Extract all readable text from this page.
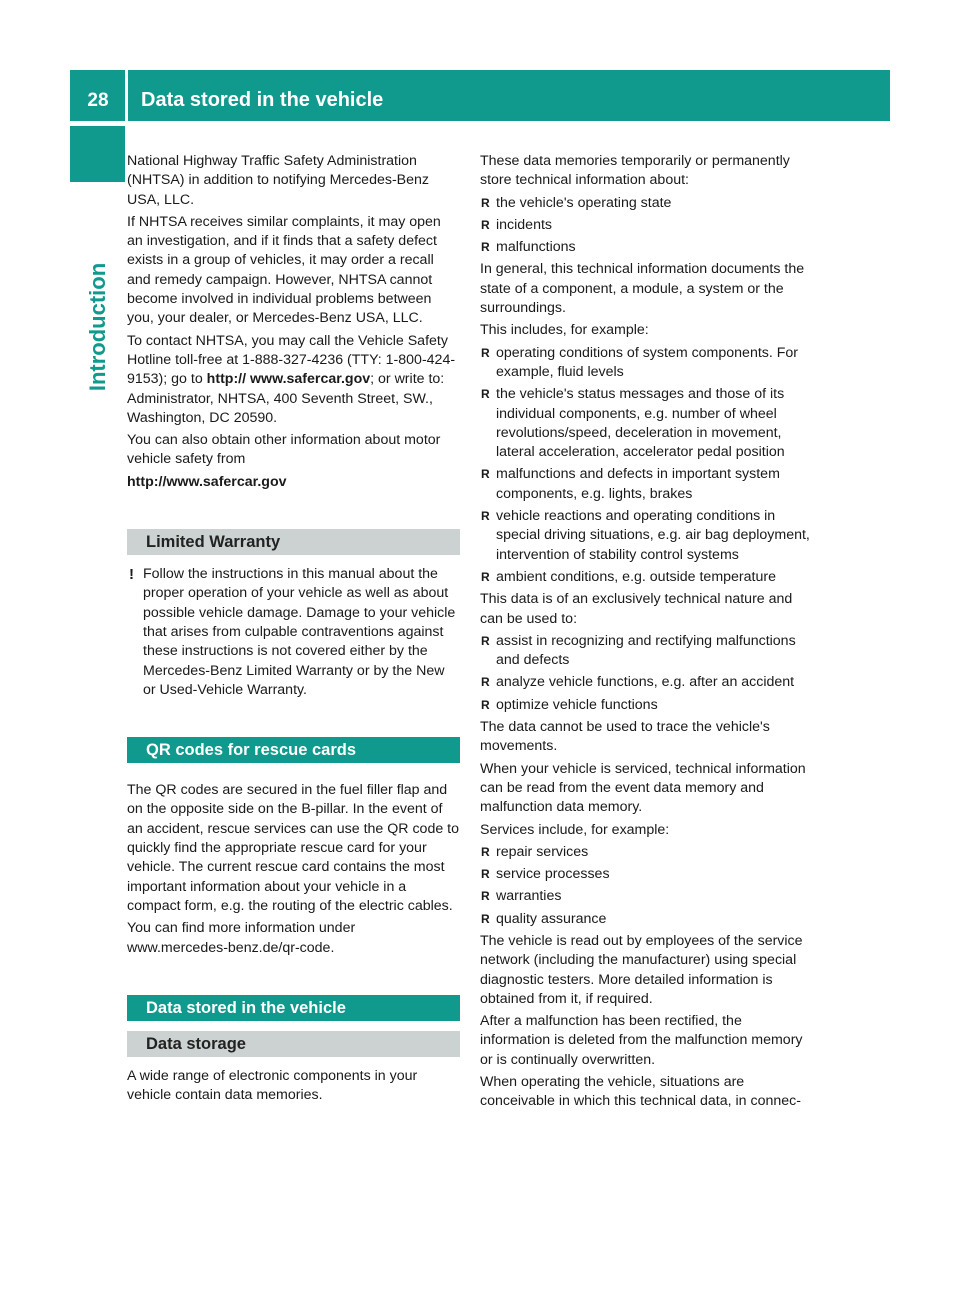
28	Data stored in the vehicle
Introduction

National Highway Traffic Safety Administration (NHTSA) in addition to notifying Mercedes-Benz USA, LLC.

If NHTSA receives similar complaints, it may open an investigation, and if it finds that a safety defect exists in a group of vehicles, it may order a recall and remedy campaign. However, NHTSA cannot become involved in individual problems between you, your dealer, or Mercedes-Benz USA, LLC.

To contact NHTSA, you may call the Vehicle Safety Hotline toll-free at 1-888-327-4236 (TTY: 1-800-424-9153); go to http:// www.safercar.gov; or write to: Administrator, NHTSA, 400 Seventh Street, SW., Washington, DC 20590.

You can also obtain other information about motor vehicle safety from

http://www.safercar.gov

Limited Warranty
! Follow the instructions in this manual about the proper operation of your vehicle as well as about possible vehicle damage. Damage to your vehicle that arises from culpable contraventions against these instructions is not covered either by the Mercedes-Benz Limited Warranty or by the New or Used-Vehicle Warranty.
QR codes for rescue cards

The QR codes are secured in the fuel filler flap and on the opposite side on the B-pillar. In the event of an accident, rescue services can use the QR code to quickly find the appropriate rescue card for your vehicle. The current rescue card contains the most important information about your vehicle in a compact form, e.g. the routing of the electric cables.

You can find more information under www.mercedes-benz.de/qr-code.

Data stored in the vehicle
Data storage

A wide range of electronic components in your vehicle contain data memories.

These data memories temporarily or permanently store technical information about:

R the vehicle's operating state
R incidents
R malfunctions

In general, this technical information documents the state of a component, a module, a system or the surroundings.

This includes, for example:

R operating conditions of system components. For example, fluid levels
R the vehicle's status messages and those of its individual components, e.g. number of wheel revolutions/speed, deceleration in movement, lateral acceleration, accelerator pedal position
R malfunctions and defects in important system components, e.g. lights, brakes
R vehicle reactions and operating conditions in special driving situations, e.g. air bag deployment, intervention of stability control systems
R ambient conditions, e.g. outside temperature

This data is of an exclusively technical nature and can be used to:

R assist in recognizing and rectifying malfunctions and defects
R analyze vehicle functions, e.g. after an accident
R optimize vehicle functions

The data cannot be used to trace the vehicle's movements.

When your vehicle is serviced, technical information can be read from the event data memory and malfunction data memory.

Services include, for example:

R repair services
R service processes
R warranties
R quality assurance

The vehicle is read out by employees of the service network (including the manufacturer) using special diagnostic testers. More detailed information is obtained from it, if required.

After a malfunction has been rectified, the information is deleted from the malfunction memory or is continually overwritten.

When operating the vehicle, situations are conceivable in which this technical data, in connec-
